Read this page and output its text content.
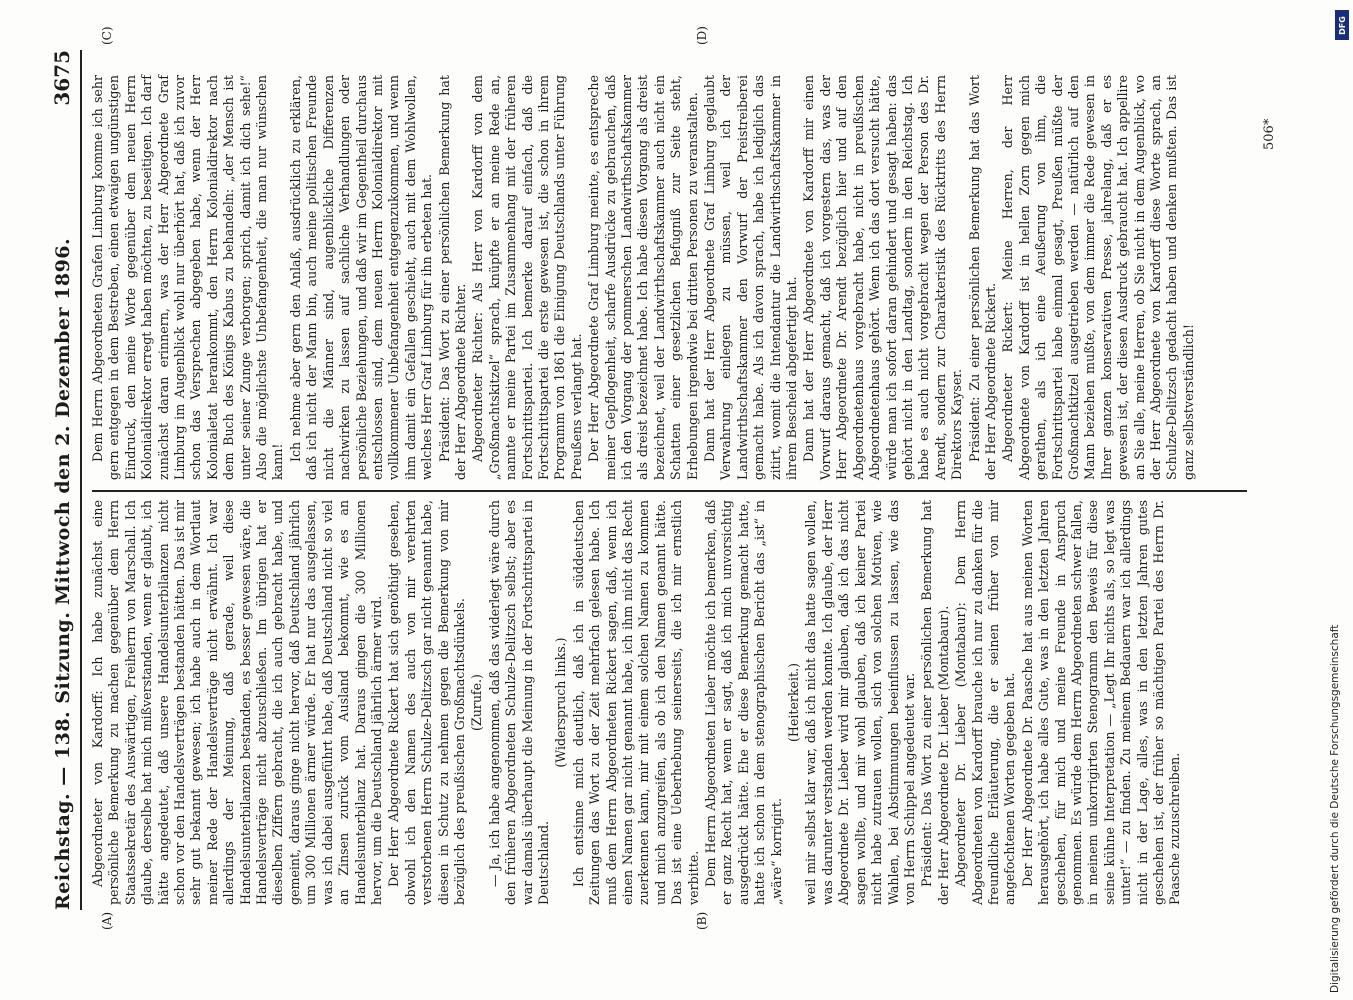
Reichstag. — 138. Sitzung.
Mittwoch den 2. Dezember 1896.
3675
(A)	(B)
(C)	(D)

Abgeordneter von Kardorff: Ich habe zunächst eine persönliche Bemerkung zu machen gegenüber dem Herrn Staatssekretär des Auswärtigen, Freiherrn von Marschall. Ich glaube, derselbe hat mich mißverstanden, wenn er glaubt, ich hätte angedeutet, daß unsere Handelsunterbilanzen nicht schon vor den Handelsverträgen bestanden hätten. Das ist mir sehr gut bekannt gewesen; ich habe auch in dem Wortlaut meiner Rede der Handelsverträge nicht erwähnt. Ich war allerdings der Meinung, daß gerade, weil diese Handelsunterbilanzen bestanden, es besser gewesen wäre, die Handelsverträge nicht abzuschließen. Im übrigen hat er dieselben Ziffern gebracht, die ich auch gebracht habe, und gemeint, daraus ginge nicht hervor, daß Deutschland jährlich um 300 Millionen ärmer würde. Er hat nur das ausgelassen, was ich dabei ausgeführt habe, daß Deutschland nicht so viel an Zinsen zurück vom Ausland bekommt, wie es an Handelsunterbilanz hat. Daraus gingen die 300 Millionen hervor, um die Deutschland jährlich ärmer wird. Der Herr Abgeordnete Rickert hat sich genöthigt gesehen, obwohl ich den Namen des auch von mir verehrten verstorbenen Herrn Schulze-Delitzsch gar nicht genannt habe, diesen in Schutz zu nehmen gegen die Bemerkung von mir bezüglich des preußischen Großmachtsdünkels. (Zurufe.) — Ja, ich habe angenommen, daß das widerlegt wäre durch den früheren Abgeordneten Schulze-Delitzsch selbst; aber es war damals überhaupt die Meinung in der Fortschrittspartei in Deutschland.

(Widerspruch links.) Ich entsinne mich deutlich, daß ich in süddeutschen Zeitungen das Wort zu der Zeit mehrfach gelesen habe. Ich muß dem Herrn Abgeordneten Rickert sagen, daß, wenn ich einen Namen gar nicht genannt habe, ich ihm nicht das Recht zuerkennen kann, mir mit einem solchen Namen zu kommen und mich anzugreifen, als ob ich den Namen genannt hätte. Das ist eine Ueberhebung seinerseits, die ich mir ernstlich verbitte. Dem Herrn Abgeordneten Lieber möchte ich bemerken, daß er ganz Recht hat, wenn er sagt, daß ich mich unvorsichtig ausgedrückt hätte. Ehe er diese Bemerkung gemacht hatte, hatte ich schon in dem stenographischen Bericht das „ist“ in „wäre“ korrigirt.

(Heiterkeit.) weil mir selbst klar war, daß ich nicht das hatte sagen wollen, was darunter verstanden werden konnte. Ich glaube, der Herr Abgeordnete Dr. Lieber wird mir glauben, daß ich das nicht sagen wollte, und mir wohl glauben, daß ich keiner Partei nicht habe zutrauen wollen, sich von solchen Motiven, wie Wahlen, bei Abstimmungen beeinflussen zu lassen, wie das von Herrn Schippel angedeutet war. Präsident: Das Wort zu einer persönlichen Bemerkung hat der Herr Abgeordnete Dr. Lieber (Montabaur). Abgeordneter Dr. Lieber (Montabaur): Dem Herrn Abgeordneten von Kardorff brauche ich nur zu danken für die freundliche Erläuterung, die er seinen früher von mir angefochtenen Worten gegeben hat. Der Herr Abgeordnete Dr. Paasche hat aus meinen Worten herausgehört, ich habe alles Gute, was in den letzten Jahren geschehen, für mich und meine Freunde in Anspruch genommen. Es würde dem Herrn Abgeordneten schwer fallen, in meinem unkorrigirten Stenogramm den Beweis für diese seine kühne Interpretation — „Legt Ihr nichts als, so legt was unter!“ — zu finden. Zu meinem Bedauern war ich allerdings nicht in der Lage, alles, was in den letzten Jahren gutes geschehen ist, der früher so mächtigen Partei des Herrn Dr. Paasche zuzuschreiben.

Dem Herrn Abgeordneten Grafen Limburg komme ich sehr gern entgegen in dem Bestreben, einen etwaigen ungünstigen Eindruck, den meine Worte gegenüber dem neuen Herrn Kolonialdirektor erregt haben möchten, zu beseitigen. Ich darf zunächst daran erinnern, was der Herr Abgeordnete Graf Limburg im Augenblick wohl nur überhört hat, daß ich zuvor schon das Versprechen abgegeben habe, wenn der Herr Kolonialetat herankommt, den Herrn Kolonialdirektor nach dem Buch des Königs Kabus zu behandeln: „der Mensch ist unter seiner Zunge verborgen; sprich, damit ich dich sehe!“ Also die möglichste Unbefangenheit, die man nur wünschen kann! Ich nehme aber gern den Anlaß, ausdrücklich zu erklären, daß ich nicht der Mann bin, auch meine politischen Freunde nicht die Männer sind, augenblickliche Differenzen nachwirken zu lassen auf sachliche Verhandlungen oder persönliche Beziehungen, und daß wir im Gegentheil durchaus entschlossen sind, dem neuen Herrn Kolonialdirektor mit vollkommener Unbefangenheit entgegenzukommen, und wenn ihm damit ein Gefallen geschieht, auch mit dem Wohlwollen, welches Herr Graf Limburg für ihn erbeten hat. Präsident: Das Wort zu einer persönlichen Bemerkung hat der Herr Abgeordnete Richter. Abgeordneter Richter: Als Herr von Kardorff von dem „Großmachtskitzel“ sprach, knüpfte er an meine Rede an, nannte er meine Partei im Zusammenhang mit der früheren Fortschrittspartei. Ich bemerke darauf einfach, daß die Fortschrittspartei die erste gewesen ist, die schon in ihrem Programm von 1861 die Einigung Deutschlands unter Führung Preußens verlangt hat. Der Herr Abgeordnete Graf Limburg meinte, es entspreche meiner Gepflogenheit, scharfe Ausdrücke zu gebrauchen, daß ich den Vorgang der pommerschen Landwirthschaftskammer als dreist bezeichnet habe. Ich habe diesen Vorgang als dreist bezeichnet, weil der Landwirthschaftskammer auch nicht ein Schatten einer gesetzlichen Befugniß zur Seite steht, Erhebungen irgendwie bei dritten Personen zu veranstalten. Dann hat der Herr Abgeordnete Graf Limburg geglaubt Verwahrung einlegen zu müssen, weil ich der Landwirthschaftskammer den Vorwurf der Preistreiberei gemacht habe. Als ich davon sprach, habe ich lediglich das zitirt, womit die Intendantur die Landwirthschaftskammer in ihrem Bescheid abgefertigt hat. Dann hat der Herr Abgeordnete von Kardorff mir einen Vorwurf daraus gemacht, daß ich vorgestern das, was der Herr Abgeordnete Dr. Arendt bezüglich hier und auf den Abgeordnetenhaus vorgebracht habe, nicht in preußischen Abgeordnetenhaus gehört. Wenn ich das dort versucht hätte, würde man ich sofort daran gehindert und gesagt haben: das gehört nicht in den Landtag, sondern in den Reichstag. Ich habe es auch nicht vorgebracht wegen der Person des Dr. Arendt, sondern zur Charakteristik des Rücktritts des Herrn Direktors Kayser. Präsident: Zu einer persönlichen Bemerkung hat das Wort der Herr Abgeordnete Rickert. Abgeordneter Rickert: Meine Herren, der Herr Abgeordnete von Kardorff ist in hellen Zorn gegen mich gerathen, als ich eine Aeußerung von ihm, die Fortschrittspartei habe einmal gesagt, Preußen müßte der Großmachtkitzel ausgetrieben werden — natürlich auf den Mann beziehen mußte, von dem immer die Rede gewesen in Ihrer ganzen konservativen Presse, jahrelang, daß er es gewesen ist, der diesen Ausdruck gebraucht hat. Ich appellire an Sie alle, meine Herren, ob Sie nicht in dem Augenblick, wo der Herr Abgeordnete von Kardorff diese Worte sprach, an Schulze-Delitzsch gedacht haben und denken mußten. Das ist ganz selbstverständlich!

506*
Digitalisierung gefördert durch die Deutsche Forschungsgemeinschaft
DFG
